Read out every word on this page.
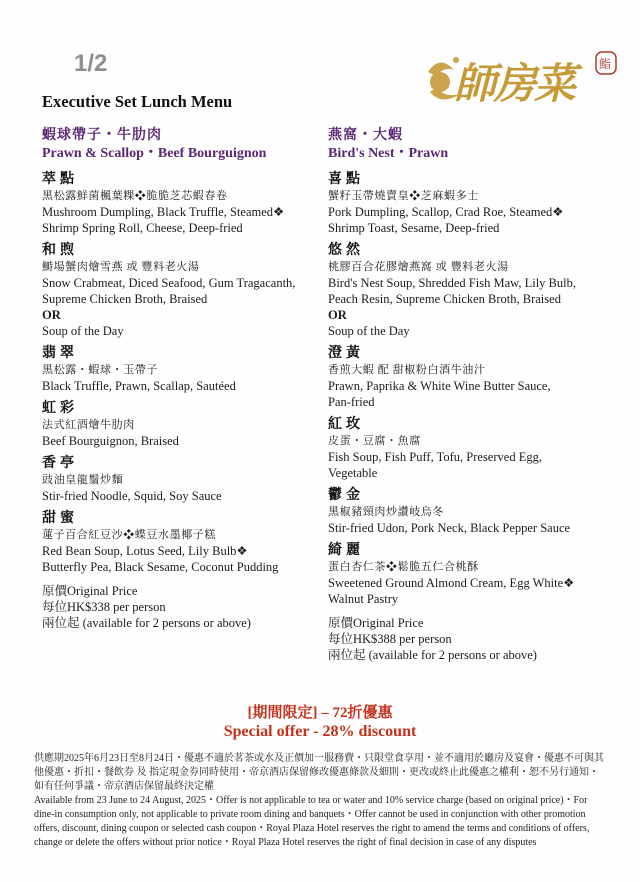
1/2
Executive Set Lunch Menu	師房菜	鮨
蝦球帶子・牛肋肉
Prawn & Scallop・Beef Bourguignon
萃點
黑松露鮮菌楓葉粿❖脆脆芝芯蝦春卷
Mushroom Dumpling, Black Truffle, Steamed❖
Shrimp Spring Roll, Cheese, Deep-fried
和煦
鰣場蟹肉燴雪燕 或 豐料老火湯
Snow Crabmeat, Diced Seafood, Gum Tragacanth,
Supreme Chicken Broth, Braised
OR
Soup of the Day
翡翠
黑松露・蝦球・玉帶子
Black Truffle, Prawn, Scallap, Sautéed
虹彩
法式紅酒燴牛肋肉
Beef Bourguignon, Braised
香亭
豉油皇龍鬚炒麵
Stir-fried Noodle, Squid, Soy Sauce
甜蜜
蓮子百合紅豆沙❖蝶豆水墨椰子糕
Red Bean Soup, Lotus Seed, Lily Bulb❖
Butterfly Pea, Black Sesame, Coconut Pudding
原價Original Price
每位HK$338 per person
兩位起 (available for 2 persons or above)
燕窩・大蝦
Bird's Nest・Prawn
喜點
蟹籽玉帶燒賣皇❖芝麻蝦多士
Pork Dumpling, Scallop, Crad Roe, Steamed❖
Shrimp Toast, Sesame, Deep-fried
悠然
桃膠百合花膠燴燕窩 或 豐料老火湯
Bird's Nest Soup, Shredded Fish Maw, Lily Bulb,
Peach Resin, Supreme Chicken Broth, Braised
OR
Soup of the Day
澄黃
香煎大蝦 配 甜椒粉白酒牛油汁
Prawn, Paprika & White Wine Butter Sauce,
Pan-fried
紅玫
皮蛋・豆腐・魚腐
Fish Soup, Fish Puff, Tofu, Preserved Egg,
Vegetable
鬱金
黑椒豬頸肉炒讚岐烏冬
Stir-fried Udon, Pork Neck, Black Pepper Sauce
綺麗
蛋白杏仁茶❖鬆脆五仁合桃酥
Sweetened Ground Almond Cream, Egg White❖
Walnut Pastry
原價Original Price
每位HK$388 per person
兩位起 (available for 2 persons or above)
[期間限定] – 72折優惠
Special offer - 28% discount
供應期2025年6月23日至8月24日・優惠不適於茗茶或水及正價加一服務費・只限堂食享用・並不適用於廳房及宴會・優惠不可與其他優惠・折扣・餐飲券 及 指定現金券同時使用・帝京酒店保留修改優惠條款及細則・更改或終止此優惠之權利・恕不另行通知・如有任何爭議・帝京酒店保留最終決定權
Available from 23 June to 24 August, 2025・Offer is not applicable to tea or water and 10% service charge (based on original price)・For dine-in consumption only, not applicable to private room dining and banquets・Offer cannot be used in conjunction with other promotion offers, discount, dining coupon or selected cash coupon・Royal Plaza Hotel reserves the right to amend the terms and conditions of offers, change or delete the offers without prior notice・Royal Plaza Hotel reserves the right of final decision in case of any disputes
